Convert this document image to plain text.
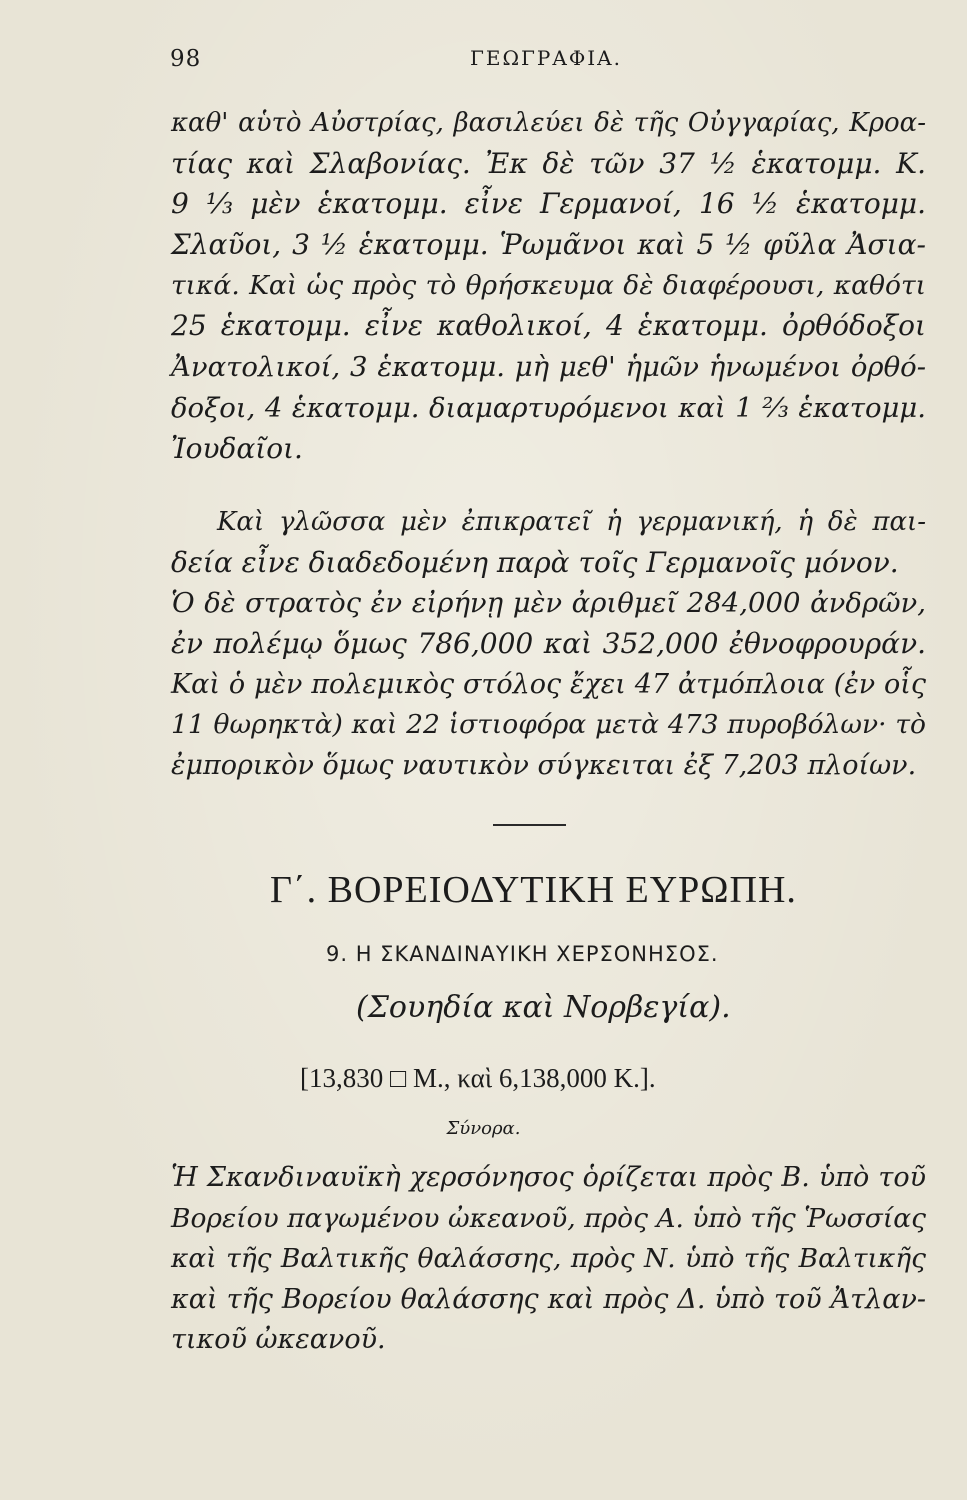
98	ΓΕΩΓΡΑΦΙΑ.
καθ' αὑτὸ Αὐστρίας, βασιλεύει δὲ τῆς Οὐγγαρίας, Κροα-
τίας καὶ Σλαβονίας. Ἐκ δὲ τῶν 37 ½ ἑκατομμ. Κ.
9 ⅓ μὲν ἑκατομμ. εἶνε Γερμανοί, 16 ½ ἑκατομμ.
Σλαῦοι, 3 ½ ἑκατομμ. Ῥωμᾶνοι καὶ 5 ½ φῦλα Ἀσια-
τικά. Καὶ ὡς πρὸς τὸ θρήσκευμα δὲ διαφέρουσι, καθότι
25 ἑκατομμ. εἶνε καθολικοί, 4 ἑκατομμ. ὀρθόδοξοι
Ἀνατολικοί, 3 ἑκατομμ. μὴ μεθ' ἡμῶν ἡνωμένοι ὀρθό-
δοξοι, 4 ἑκατομμ. διαμαρτυρόμενοι καὶ 1 ⅔ ἑκατομμ.
Ἰουδαῖοι.
Καὶ γλῶσσα μὲν ἐπικρατεῖ ἡ γερμανική, ἡ δὲ παι-
δεία εἶνε διαδεδομένη παρὰ τοῖς Γερμανοῖς μόνον.
Ὁ δὲ στρατὸς ἐν εἰρήνῃ μὲν ἀριθμεῖ 284,000 ἀνδρῶν,
ἐν πολέμῳ ὅμως 786,000 καὶ 352,000 ἐθνοφρουράν.
Καὶ ὁ μὲν πολεμικὸς στόλος ἔχει 47 ἀτμόπλοια (ἐν οἷς
11 θωρηκτὰ) καὶ 22 ἱστιοφόρα μετὰ 473 πυροβόλων· τὸ
ἐμπορικὸν ὅμως ναυτικὸν σύγκειται ἐξ 7,203 πλοίων.
Γ΄. ΒΟΡΕΙΟΔΥΤΙΚΗ ΕΥΡΩΠΗ.
9. Η ΣΚΑΝΔΙΝΑΥΙΚΗ ΧΕΡΣΟΝΗΣΟΣ.
(Σουηδία καὶ Νορβεγία).
[13,830 □ Μ., καὶ 6,138,000 Κ.].
Σύνορα.
Ἡ Σκανδιναυϊκὴ χερσόνησος ὁρίζεται πρὸς Β. ὑπὸ τοῦ
Βορείου παγωμένου ὠκεανοῦ, πρὸς Α. ὑπὸ τῆς Ῥωσσίας
καὶ τῆς Βαλτικῆς θαλάσσης, πρὸς Ν. ὑπὸ τῆς Βαλτικῆς
καὶ τῆς Βορείου θαλάσσης καὶ πρὸς Δ. ὑπὸ τοῦ Ἀτλαν-
τικοῦ ὠκεανοῦ.
